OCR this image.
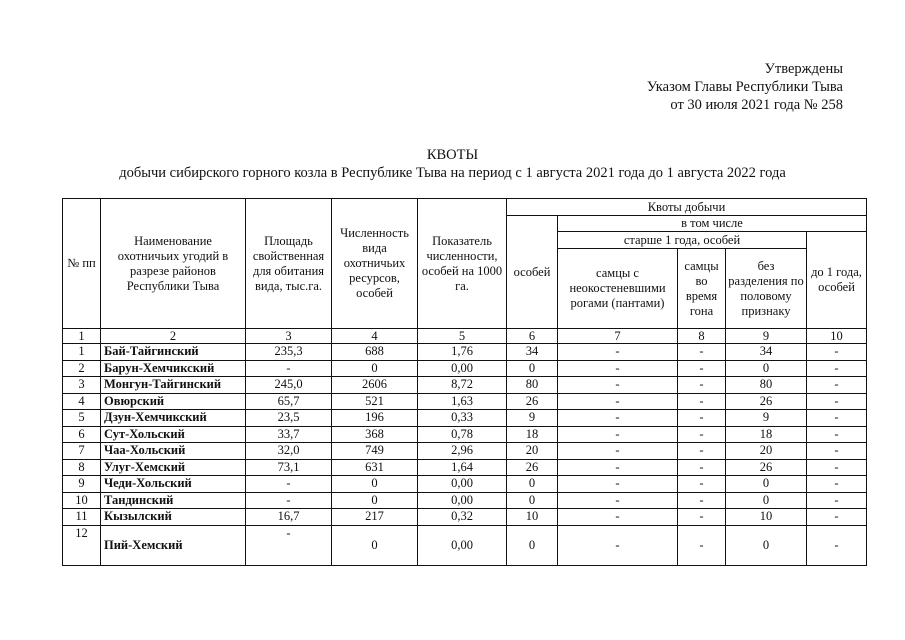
Утверждены
Указом Главы Республики Тыва
от 30 июля 2021 года № 258
КВОТЫ
добычи сибирского горного козла в Республике Тыва на период с 1 августа 2021 года до 1 августа 2022 года
№ пп	Наименование охотничьих угодий в разрезе районов Республики Тыва	Площадь свойственная для обитания вида, тыс.га.	Численность вида охотничьих ресурсов, особей	Показатель численности, особей на 1000 га.	Квоты добычи				
					особей	в том числе			
						старше 1 года, особей			до 1 года, особей
						самцы с неокостеневшими рогами (пантами)	самцы во время гона	без разделения по половому признаку	
1	2	3	4	5	6	7	8	9	10
1	Бай-Тайгинский	235,3	688	1,76	34	-	-	34	-
2	Барун-Хемчикский	-	0	0,00	0	-	-	0	-
3	Монгун-Тайгинский	245,0	2606	8,72	80	-	-	80	-
4	Овюрский	65,7	521	1,63	26	-	-	26	-
5	Дзун-Хемчикский	23,5	196	0,33	9	-	-	9	-
6	Сут-Хольский	33,7	368	0,78	18	-	-	18	-
7	Чаа-Хольский	32,0	749	2,96	20	-	-	20	-
8	Улуг-Хемский	73,1	631	1,64	26	-	-	26	-
9	Чеди-Хольский	-	0	0,00	0	-	-	0	-
10	Тандинский	-	0	0,00	0	-	-	0	-
11	Кызылский	16,7	217	0,32	10	-	-	10	-
12	Пий-Хемский	-	0	0,00	0	-	-	0	-
